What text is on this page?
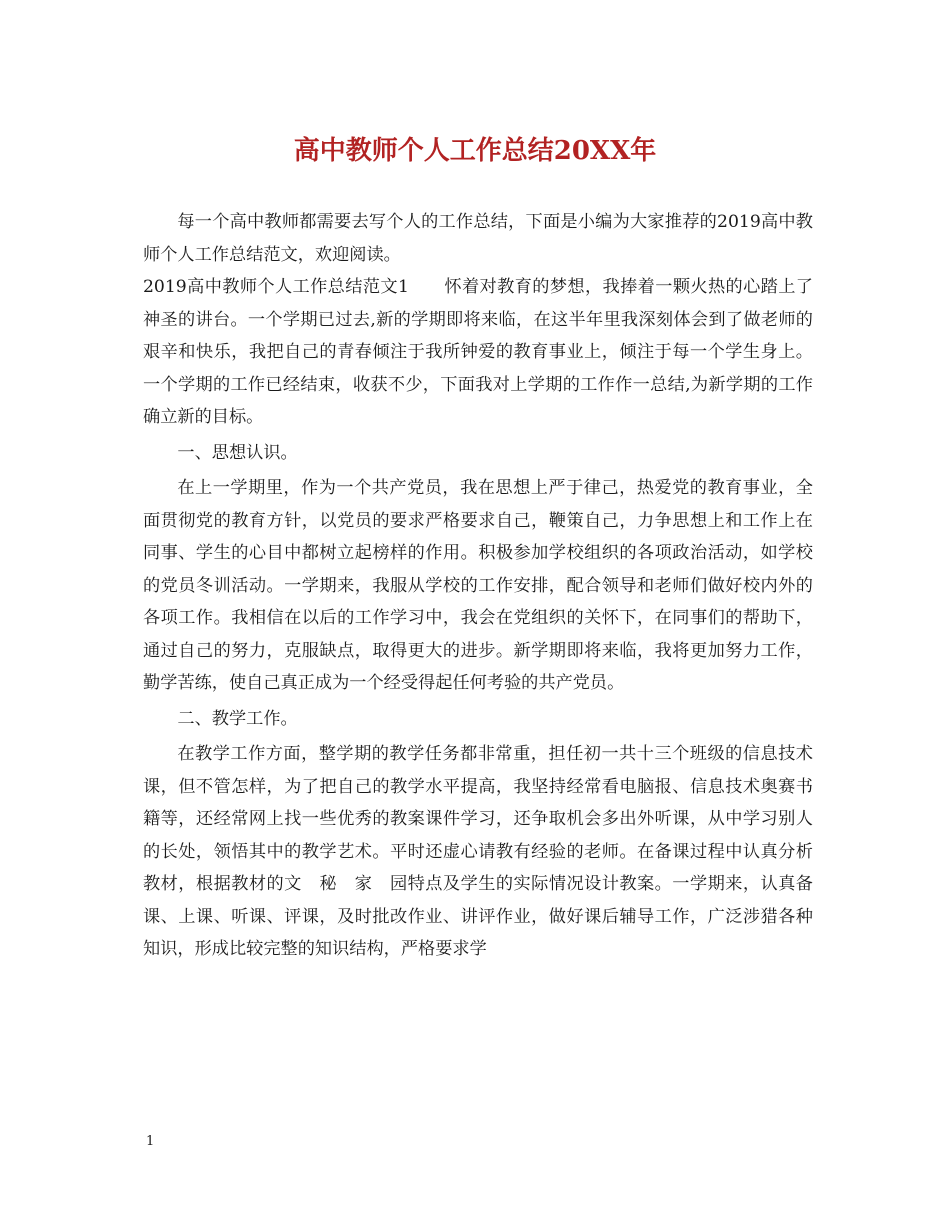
高中教师个人工作总结20XX年

每一个高中教师都需要去写个人的工作总结，下面是小编为大家推荐的2019高中教师个人工作总结范文，欢迎阅读。

2019高中教师个人工作总结范文1　　怀着对教育的梦想，我捧着一颗火热的心踏上了神圣的讲台。一个学期已过去,新的学期即将来临，在这半年里我深刻体会到了做老师的艰辛和快乐，我把自己的青春倾注于我所钟爱的教育事业上，倾注于每一个学生身上。一个学期的工作已经结束，收获不少，下面我对上学期的工作作一总结,为新学期的工作确立新的目标。

一、思想认识。

在上一学期里，作为一个共产党员，我在思想上严于律己，热爱党的教育事业，全面贯彻党的教育方针，以党员的要求严格要求自己，鞭策自己，力争思想上和工作上在同事、学生的心目中都树立起榜样的作用。积极参加学校组织的各项政治活动，如学校的党员冬训活动。一学期来，我服从学校的工作安排，配合领导和老师们做好校内外的各项工作。我相信在以后的工作学习中，我会在党组织的关怀下，在同事们的帮助下，通过自己的努力，克服缺点，取得更大的进步。新学期即将来临，我将更加努力工作，勤学苦练，使自己真正成为一个经受得起任何考验的共产党员。

二、教学工作。

在教学工作方面，整学期的教学任务都非常重，担任初一共十三个班级的信息技术课，但不管怎样，为了把自己的教学水平提高，我坚持经常看电脑报、信息技术奥赛书籍等，还经常网上找一些优秀的教案课件学习，还争取机会多出外听课，从中学习别人的长处，领悟其中的教学艺术。平时还虚心请教有经验的老师。在备课过程中认真分析教材，根据教材的文　秘　家　园特点及学生的实际情况设计教案。一学期来，认真备课、上课、听课、评课，及时批改作业、讲评作业，做好课后辅导工作，广泛涉猎各种知识，形成比较完整的知识结构，严格要求学

1
